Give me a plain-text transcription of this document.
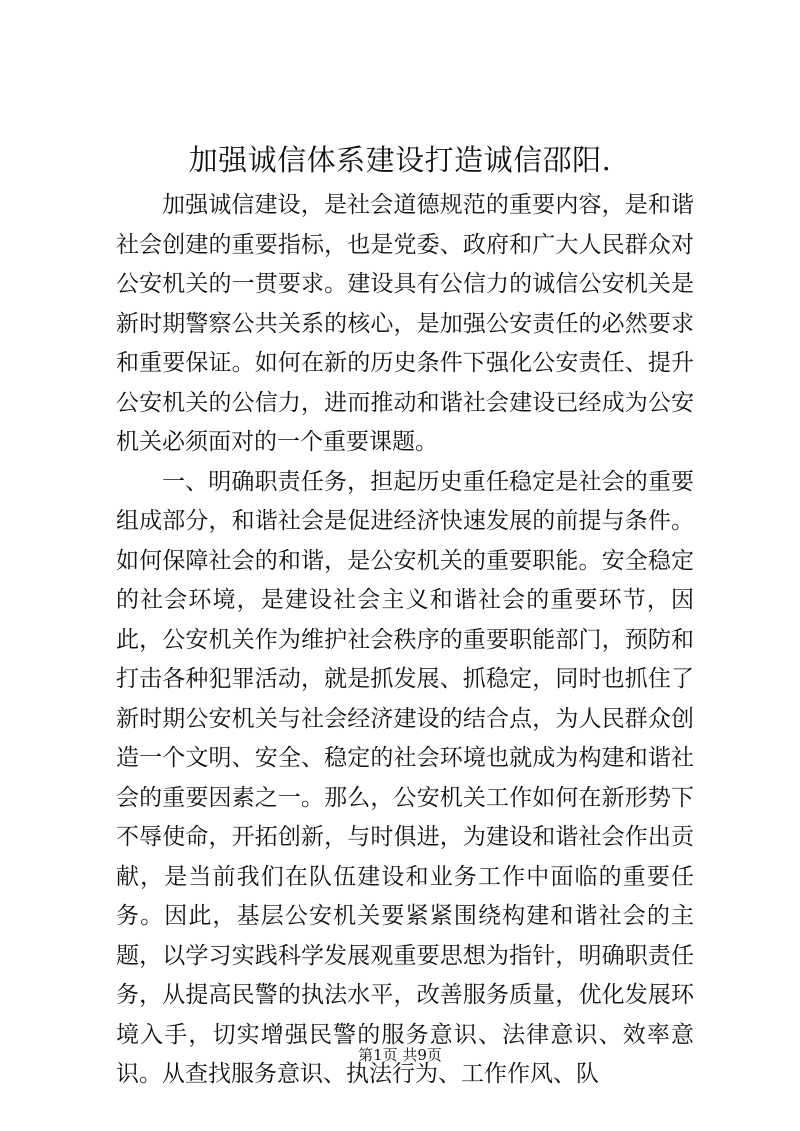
加强诚信体系建设打造诚信邵阳.

加强诚信建设，是社会道德规范的重要内容，是和谐社会创建的重要指标，也是党委、政府和广大人民群众对公安机关的一贯要求。建设具有公信力的诚信公安机关是新时期警察公共关系的核心，是加强公安责任的必然要求和重要保证。如何在新的历史条件下强化公安责任、提升公安机关的公信力，进而推动和谐社会建设已经成为公安机关必须面对的一个重要课题。

一、明确职责任务，担起历史重任稳定是社会的重要组成部分，和谐社会是促进经济快速发展的前提与条件。如何保障社会的和谐，是公安机关的重要职能。安全稳定的社会环境，是建设社会主义和谐社会的重要环节，因此，公安机关作为维护社会秩序的重要职能部门，预防和打击各种犯罪活动，就是抓发展、抓稳定，同时也抓住了新时期公安机关与社会经济建设的结合点，为人民群众创造一个文明、安全、稳定的社会环境也就成为构建和谐社会的重要因素之一。那么，公安机关工作如何在新形势下不辱使命，开拓创新，与时俱进，为建设和谐社会作出贡献，是当前我们在队伍建设和业务工作中面临的重要任务。因此，基层公安机关要紧紧围绕构建和谐社会的主题，以学习实践科学发展观重要思想为指针，明确职责任务，从提高民警的执法水平，改善服务质量，优化发展环境入手，切实增强民警的服务意识、法律意识、效率意识。从查找服务意识、执法行为、工作作风、队

第1页 共9页
